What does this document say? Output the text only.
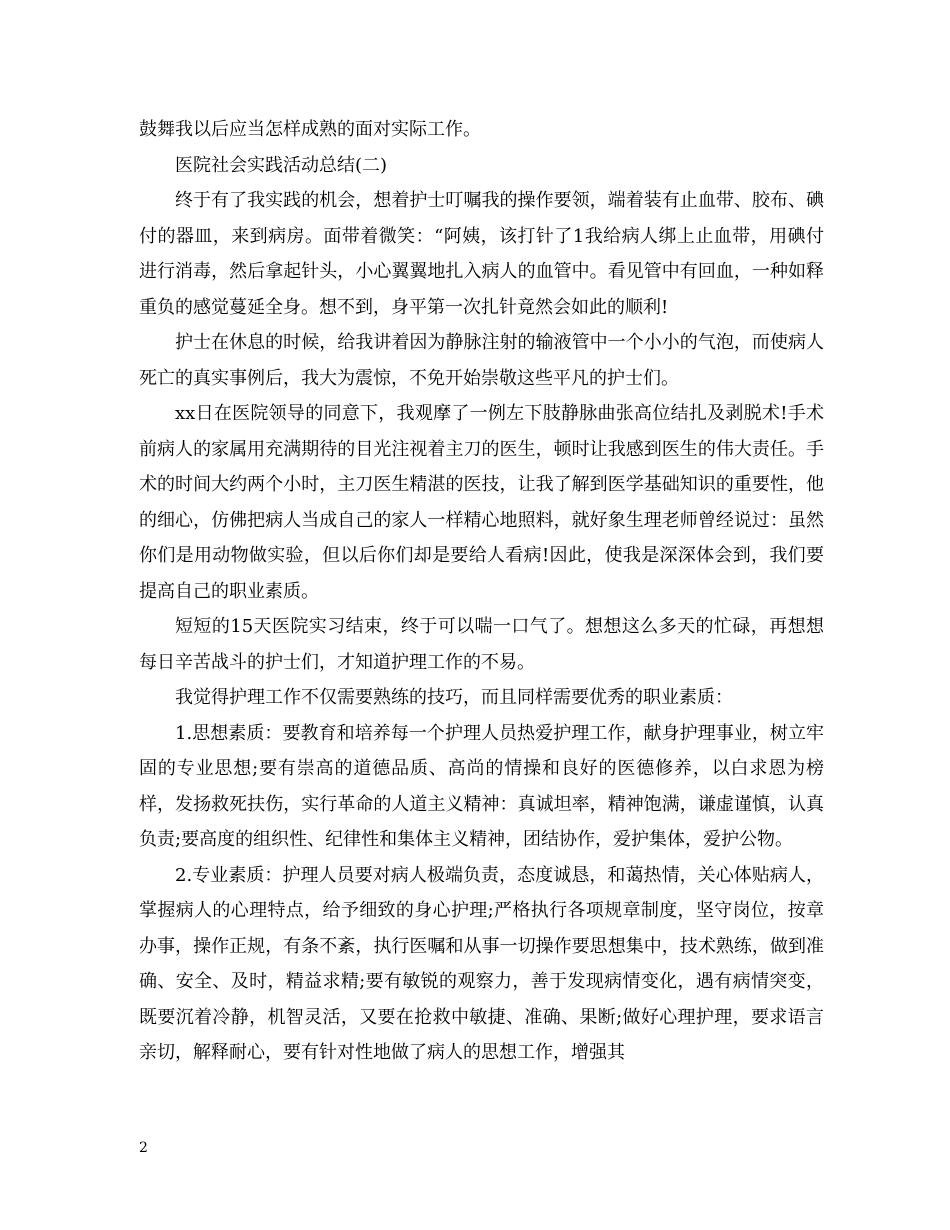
鼓舞我以后应当怎样成熟的面对实际工作。

医院社会实践活动总结(二)

终于有了我实践的机会，想着护士叮嘱我的操作要领，端着装有止血带、胶布、碘付的器皿，来到病房。面带着微笑：“阿姨，该打针了1我给病人绑上止血带，用碘付进行消毒，然后拿起针头，小心翼翼地扎入病人的血管中。看见管中有回血，一种如释重负的感觉蔓延全身。想不到，身平第一次扎针竟然会如此的顺利!

护士在休息的时候，给我讲着因为静脉注射的输液管中一个小小的气泡，而使病人死亡的真实事例后，我大为震惊，不免开始崇敬这些平凡的护士们。

xx日在医院领导的同意下，我观摩了一例左下肢静脉曲张高位结扎及剥脱术!手术前病人的家属用充满期待的目光注视着主刀的医生，顿时让我感到医生的伟大责任。手术的时间大约两个小时，主刀医生精湛的医技，让我了解到医学基础知识的重要性，他的细心，仿佛把病人当成自己的家人一样精心地照料，就好象生理老师曾经说过：虽然你们是用动物做实验，但以后你们却是要给人看病!因此，使我是深深体会到，我们要提高自己的职业素质。

短短的15天医院实习结束，终于可以喘一口气了。想想这么多天的忙碌，再想想每日辛苦战斗的护士们，才知道护理工作的不易。

我觉得护理工作不仅需要熟练的技巧，而且同样需要优秀的职业素质：

1.思想素质：要教育和培养每一个护理人员热爱护理工作，献身护理事业，树立牢固的专业思想;要有崇高的道德品质、高尚的情操和良好的医德修养，以白求恩为榜样，发扬救死扶伤，实行革命的人道主义精神：真诚坦率，精神饱满，谦虚谨慎，认真负责;要高度的组织性、纪律性和集体主义精神，团结协作，爱护集体，爱护公物。

2.专业素质：护理人员要对病人极端负责，态度诚恳，和蔼热情，关心体贴病人，掌握病人的心理特点，给予细致的身心护理;严格执行各项规章制度，坚守岗位，按章办事，操作正规，有条不紊，执行医嘱和从事一切操作要思想集中，技术熟练，做到准确、安全、及时，精益求精;要有敏锐的观察力，善于发现病情变化，遇有病情突变，既要沉着冷静，机智灵活，又要在抢救中敏捷、准确、果断;做好心理护理，要求语言亲切，解释耐心，要有针对性地做了病人的思想工作，增强其

2
